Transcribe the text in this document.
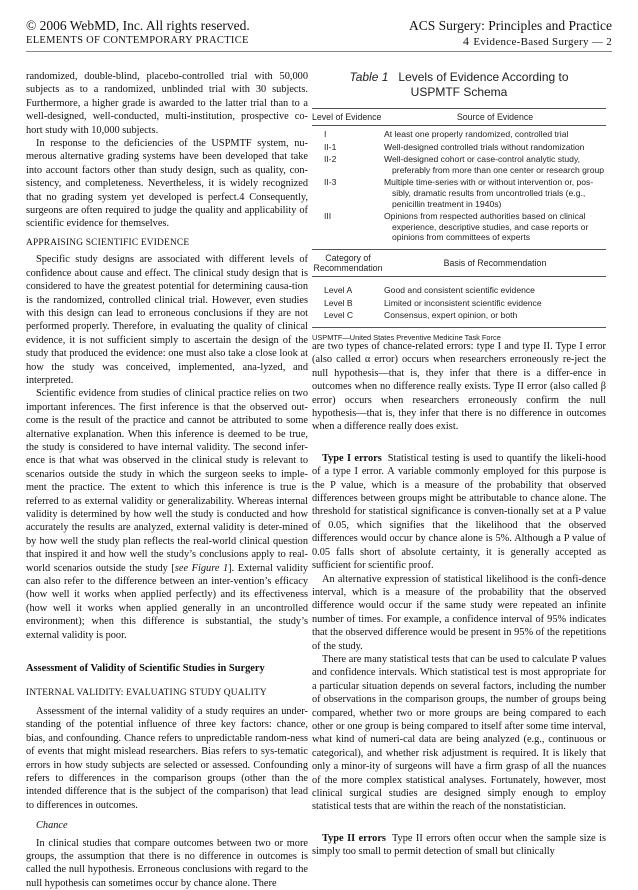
© 2006 WebMD, Inc. All rights reserved.
ELEMENTS OF CONTEMPORARY PRACTICE
ACS Surgery: Principles and Practice
4 Evidence-Based Surgery — 2

randomized, double-blind, placebo-controlled trial with 50,000 subjects as to a randomized, unblinded trial with 30 subjects. Furthermore, a higher grade is awarded to the latter trial than to a well-designed, well-conducted, multi-institution, prospective co-hort study with 10,000 subjects.

In response to the deficiencies of the USPMTF system, nu-merous alternative grading systems have been developed that take into account factors other than study design, such as quality, con-sistency, and completeness. Nevertheless, it is widely recognized that no grading system yet developed is perfect.4 Consequently, surgeons are often required to judge the quality and applicability of scientific evidence for themselves.

APPRAISING SCIENTIFIC EVIDENCE

Specific study designs are associated with different levels of confidence about cause and effect. The clinical study design that is considered to have the greatest potential for determining causa-tion is the randomized, controlled clinical trial. However, even studies with this design can lead to erroneous conclusions if they are not performed properly. Therefore, in evaluating the quality of clinical evidence, it is not sufficient simply to ascertain the design of the study that produced the evidence: one must also take a close look at how the study was conceived, implemented, ana-lyzed, and interpreted.

Scientific evidence from studies of clinical practice relies on two important inferences. The first inference is that the observed out-come is the result of the practice and cannot be attributed to some alternative explanation. When this inference is deemed to be true, the study is considered to have internal validity. The second infer-ence is that what was observed in the clinical study is relevant to scenarios outside the study in which the surgeon seeks to imple-ment the practice. The extent to which this inference is true is referred to as external validity or generalizability. Whereas internal validity is determined by how well the study is conducted and how accurately the results are analyzed, external validity is deter-mined by how well the study plan reflects the real-world clinical question that inspired it and how well the study’s conclusions apply to real-world scenarios outside the study [see Figure 1]. External validity can also refer to the difference between an inter-vention’s efficacy (how well it works when applied perfectly) and its effectiveness (how well it works when applied generally in an uncontrolled environment); when this difference is substantial, the study’s external validity is poor.

Assessment of Validity of Scientific Studies in Surgery

INTERNAL VALIDITY: EVALUATING STUDY QUALITY

Assessment of the internal validity of a study requires an under-standing of the potential influence of three key factors: chance, bias, and confounding. Chance refers to unpredictable random-ness of events that might mislead researchers. Bias refers to sys-tematic errors in how study subjects are selected or assessed. Confounding refers to differences in the comparison groups (other than the intended difference that is the subject of the comparison) that lead to differences in outcomes.

Chance

In clinical studies that compare outcomes between two or more groups, the assumption that there is no difference in outcomes is called the null hypothesis. Erroneous conclusions with regard to the null hypothesis can sometimes occur by chance alone. There

Table 1 Levels of Evidence According to
USPMTF Schema
Level of Evidence	Source of Evidence
I	At least one properly randomized, controlled trial
II-1	Well-designed controlled trials without randomization
II-2	Well-designed cohort or case-control analytic study,
preferably from more than one center or research group
II-3	Multiple time-series with or without intervention or, pos-
sibly, dramatic results from uncontrolled trials (e.g.,
penicillin treatment in 1940s)
III	Opinions from respected authorities based on clinical
experience, descriptive studies, and case reports or
opinions from committees of experts
Category of
Recommendation	Basis of Recommendation
Level A	Good and consistent scientific evidence
Level B	Limited or inconsistent scientific evidence
Level C	Consensus, expert opinion, or both
USPMTF—United States Preventive Medicine Task Force

are two types of chance-related errors: type I and type II. Type I error (also called α error) occurs when researchers erroneously re-ject the null hypothesis—that is, they infer that there is a differ-ence in outcomes when no difference really exists. Type II error (also called β error) occurs when researchers erroneously confirm the null hypothesis—that is, they infer that there is no difference in outcomes when a difference really does exist.

Type I errors Statistical testing is used to quantify the likeli-hood of a type I error. A variable commonly employed for this purpose is the P value, which is a measure of the probability that observed differences between groups might be attributable to chance alone. The threshold for statistical significance is conven-tionally set at a P value of 0.05, which signifies that the likelihood that the observed differences would occur by chance alone is 5%. Although a P value of 0.05 falls short of absolute certainty, it is generally accepted as sufficient for scientific proof.

An alternative expression of statistical likelihood is the confi-dence interval, which is a measure of the probability that the observed difference would occur if the same study were repeated an infinite number of times. For example, a confidence interval of 95% indicates that the observed difference would be present in 95% of the repetitions of the study.

There are many statistical tests that can be used to calculate P values and confidence intervals. Which statistical test is most appropriate for a particular situation depends on several factors, including the number of observations in the comparison groups, the number of groups being compared, whether two or more groups are being compared to each other or one group is being compared to itself after some time interval, what kind of numeri-cal data are being analyzed (e.g., continuous or categorical), and whether risk adjustment is required. It is likely that only a minor-ity of surgeons will have a firm grasp of all the nuances of the more complex statistical analyses. Fortunately, however, most clinical surgical studies are designed simply enough to employ statistical tests that are within the reach of the nonstatistician.

Type II errors Type II errors often occur when the sample size is simply too small to permit detection of small but clinically
